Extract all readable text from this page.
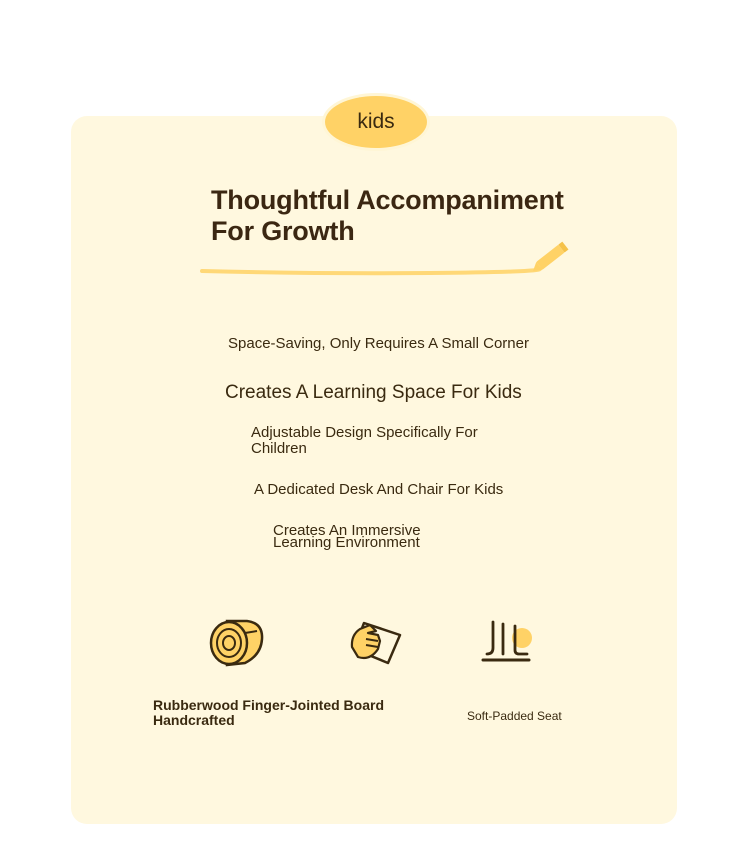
kids
Thoughtful Accompaniment
For Growth
Space-Saving, Only Requires A Small Corner
Creates A Learning Space For Kids
Adjustable Design Specifically For Children
A Dedicated Desk And Chair For Kids
Creates An Immersive Learning Environment
Rubberwood Finger-Jointed Board Handcrafted	Soft-Padded Seat
